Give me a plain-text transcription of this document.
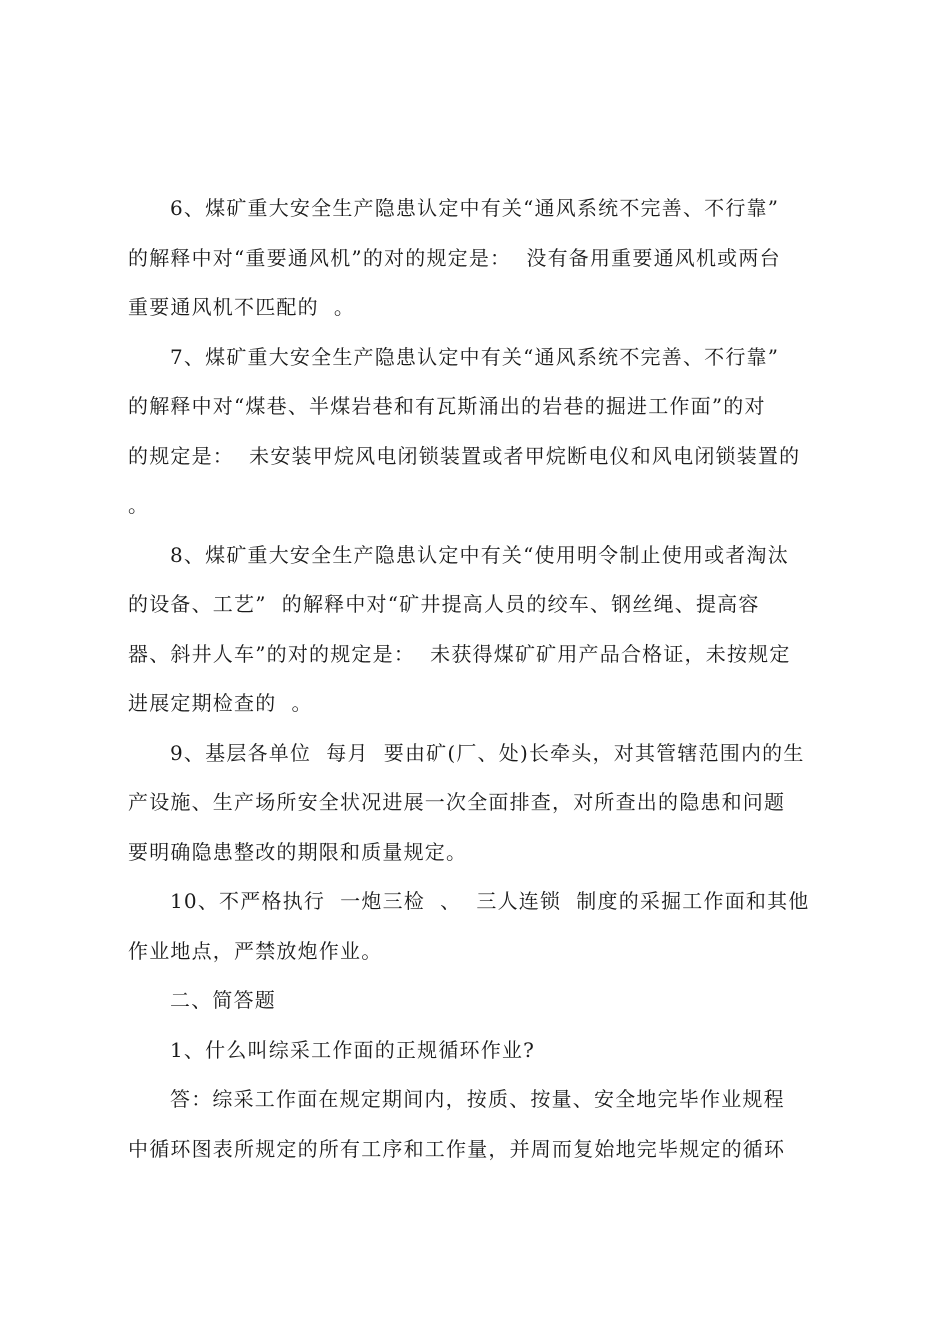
6、煤矿重大安全生产隐患认定中有关“通风系统不完善、不行靠”
的解释中对“重要通风机”的对的规定是：  没有备用重要通风机或两台
重要通风机不匹配的  。
7、煤矿重大安全生产隐患认定中有关“通风系统不完善、不行靠”
的解释中对“煤巷、半煤岩巷和有瓦斯涌出的岩巷的掘进工作面”的对
的规定是：  未安装甲烷风电闭锁装置或者甲烷断电仪和风电闭锁装置的
。
8、煤矿重大安全生产隐患认定中有关“使用明令制止使用或者淘汰
的设备、工艺”  的解释中对“矿井提高人员的绞车、钢丝绳、提高容
器、斜井人车”的对的规定是：  未获得煤矿矿用产品合格证，未按规定
进展定期检查的  。
9、基层各单位  每月  要由矿(厂、处)长牵头，对其管辖范围内的生
产设施、生产场所安全状况进展一次全面排查，对所查出的隐患和问题
要明确隐患整改的期限和质量规定。
10、不严格执行  一炮三检  、  三人连锁  制度的采掘工作面和其他
作业地点，严禁放炮作业。
二、简答题
1、什么叫综采工作面的正规循环作业?
答：综采工作面在规定期间内，按质、按量、安全地完毕作业规程
中循环图表所规定的所有工序和工作量，并周而复始地完毕规定的循环
